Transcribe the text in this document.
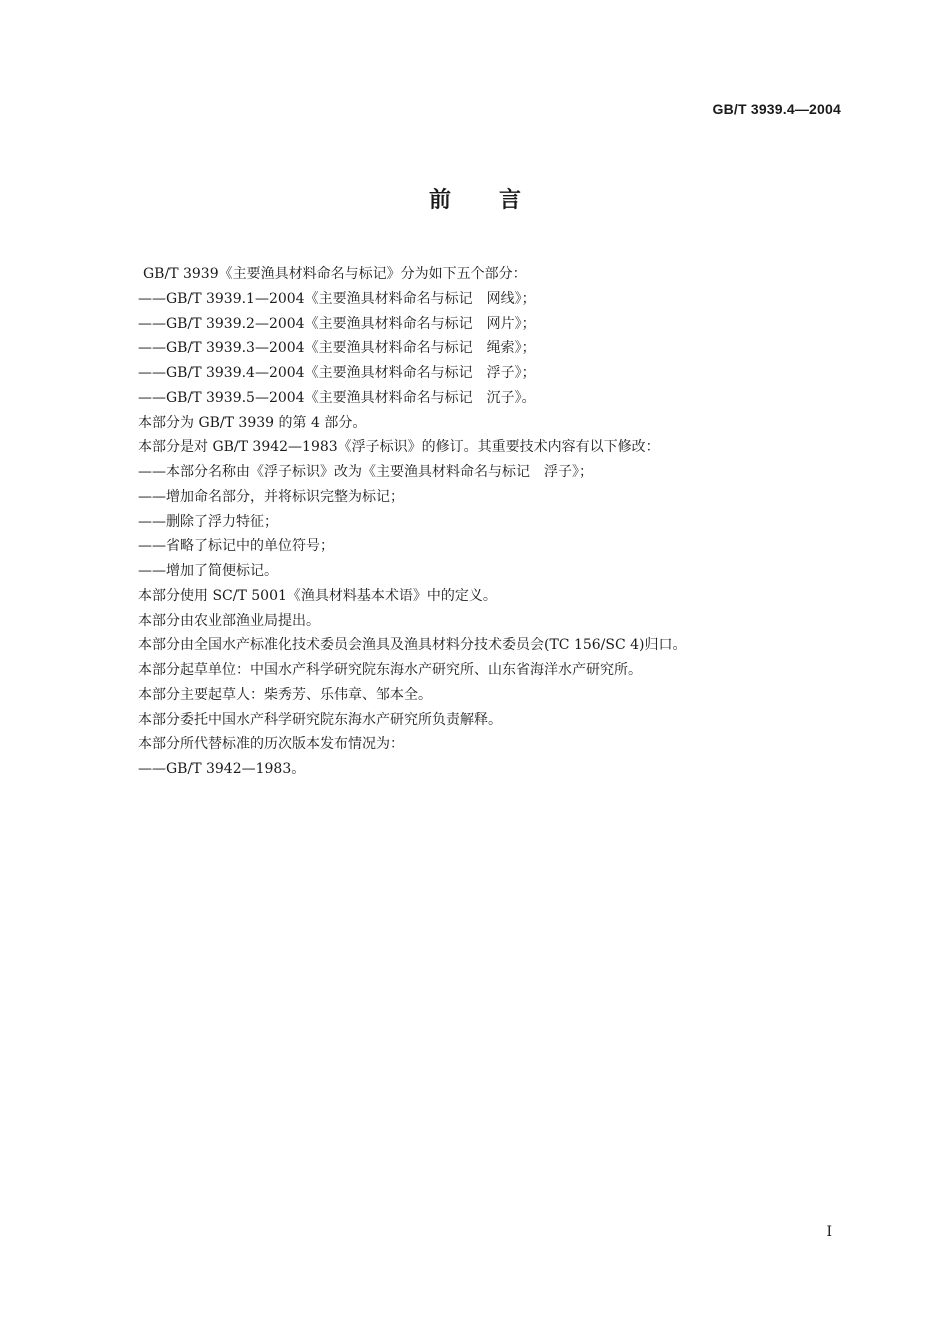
GB/T 3939.4—2004
前言
GB/T 3939《主要渔具材料命名与标记》分为如下五个部分：
——GB/T 3939.1—2004《主要渔具材料命名与标记　网线》；
——GB/T 3939.2—2004《主要渔具材料命名与标记　网片》；
——GB/T 3939.3—2004《主要渔具材料命名与标记　绳索》；
——GB/T 3939.4—2004《主要渔具材料命名与标记　浮子》；
——GB/T 3939.5—2004《主要渔具材料命名与标记　沉子》。
本部分为 GB/T 3939 的第 4 部分。
本部分是对 GB/T 3942—1983《浮子标识》的修订。其重要技术内容有以下修改：
——本部分名称由《浮子标识》改为《主要渔具材料命名与标记　浮子》；
——增加命名部分，并将标识完整为标记；
——删除了浮力特征；
——省略了标记中的单位符号；
——增加了简便标记。
本部分使用 SC/T 5001《渔具材料基本术语》中的定义。
本部分由农业部渔业局提出。
本部分由全国水产标准化技术委员会渔具及渔具材料分技术委员会(TC 156/SC 4)归口。
本部分起草单位：中国水产科学研究院东海水产研究所、山东省海洋水产研究所。
本部分主要起草人：柴秀芳、乐伟章、邹本全。
本部分委托中国水产科学研究院东海水产研究所负责解释。
本部分所代替标准的历次版本发布情况为：
——GB/T 3942—1983。
I
